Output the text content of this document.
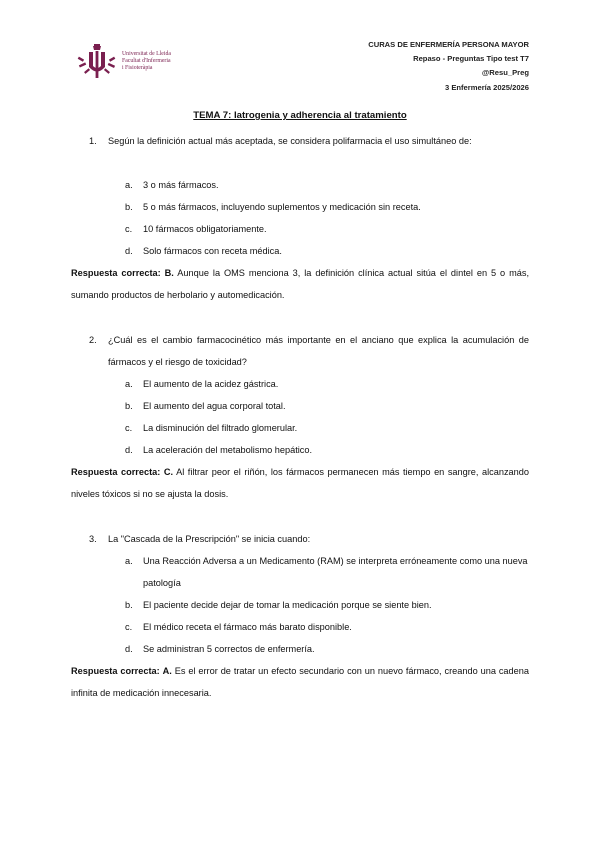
Universitat de Lleida
Facultat d'Infermeria
i Fisioteràpia
CURAS DE ENFERMERÍA PERSONA MAYOR
Repaso - Preguntas Tipo test T7
@Resu_Preg
3 Enfermería 2025/2026
TEMA 7: Iatrogenia y adherencia al tratamiento
1. Según la definición actual más aceptada, se considera polifarmacia el uso simultáneo de:
a. 3 o más fármacos.
b. 5 o más fármacos, incluyendo suplementos y medicación sin receta.
c. 10 fármacos obligatoriamente.
d. Solo fármacos con receta médica.
Respuesta correcta: B. Aunque la OMS menciona 3, la definición clínica actual sitúa el dintel en 5 o más, sumando productos de herbolario y automedicación.
2. ¿Cuál es el cambio farmacocinético más importante en el anciano que explica la acumulación de fármacos y el riesgo de toxicidad?
a. El aumento de la acidez gástrica.
b. El aumento del agua corporal total.
c. La disminución del filtrado glomerular.
d. La aceleración del metabolismo hepático.
Respuesta correcta: C. Al filtrar peor el riñón, los fármacos permanecen más tiempo en sangre, alcanzando niveles tóxicos si no se ajusta la dosis.
3. La "Cascada de la Prescripción" se inicia cuando:
a. Una Reacción Adversa a un Medicamento (RAM) se interpreta erróneamente como una nueva patología
b. El paciente decide dejar de tomar la medicación porque se siente bien.
c. El médico receta el fármaco más barato disponible.
d. Se administran 5 correctos de enfermería.
Respuesta correcta: A. Es el error de tratar un efecto secundario con un nuevo fármaco, creando una cadena infinita de medicación innecesaria.
